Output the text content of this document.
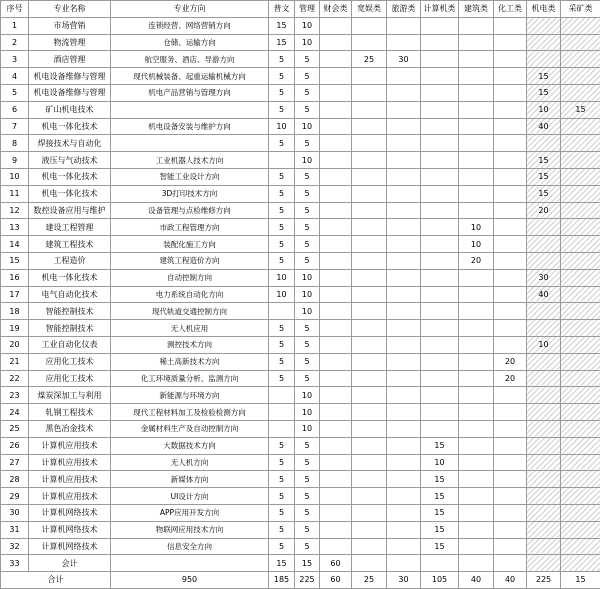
序号	专业名称	专业方向	普文	管理	财会类	宽娱类	旅游类	计算机类	建筑类	化工类	机电类	采矿类
1	市场营销	连锁经营、网络营销方向	15	10								
2	物流管理	仓储、运输方向	15	10								
3	酒店管理	航空服务、酒店、导游方向	5	5		25	30					
4	机电设备维修与管理	现代机械装备、起重运输机械方向	5	5							15	
5	机电设备维修与管理	机电产品营销与管理方向	5	5							15	
6	矿山机电技术		5	5							10	15
7	机电一体化技术	机电设备安装与维护方向	10	10							40	
8	焊接技术与自动化		5	5								
9	液压与气动技术	工业机器人技术方向		10							15	
10	机电一体化技术	智能工业设计方向	5	5							15	
11	机电一体化技术	3D打印技术方向	5	5							15	
12	数控设备应用与维护	设备管理与点检维修方向	5	5							20	
13	建设工程管理	市政工程管理方向	5	5					10			
14	建筑工程技术	装配化施工方向	5	5					10			
15	工程造价	建筑工程造价方向	5	5					20			
16	机电一体化技术	自动控制方向	10	10							30	
17	电气自动化技术	电力系统自动化方向	10	10							40	
18	智能控制技术	现代轨道交通控制方向		10								
19	智能控制技术	无人机应用	5	5								
20	工业自动化仪表	测控技术方向	5	5							10	
21	应用化工技术	稀土高新技术方向	5	5						20		
22	应用化工技术	化工环境质量分析、监测方向	5	5						20		
23	煤炭深加工与利用	新能源与环境方向		10								
24	轧钢工程技术	现代工程材料加工及检验检测方向		10								
25	黑色冶金技术	金属材料生产及自动控制方向		10								
26	计算机应用技术	大数据技术方向	5	5				15				
27	计算机应用技术	无人机方向	5	5				10				
28	计算机应用技术	新媒体方向	5	5				15				
29	计算机应用技术	UI设计方向	5	5				15				
30	计算机网络技术	APP应用开发方向	5	5				15				
31	计算机网络技术	物联网应用技术方向	5	5				15				
32	计算机网络技术	信息安全方向	5	5				15				
33	会计		15	15	60							
合计		950	185	225	60	25	30	105	40	40	225	15
